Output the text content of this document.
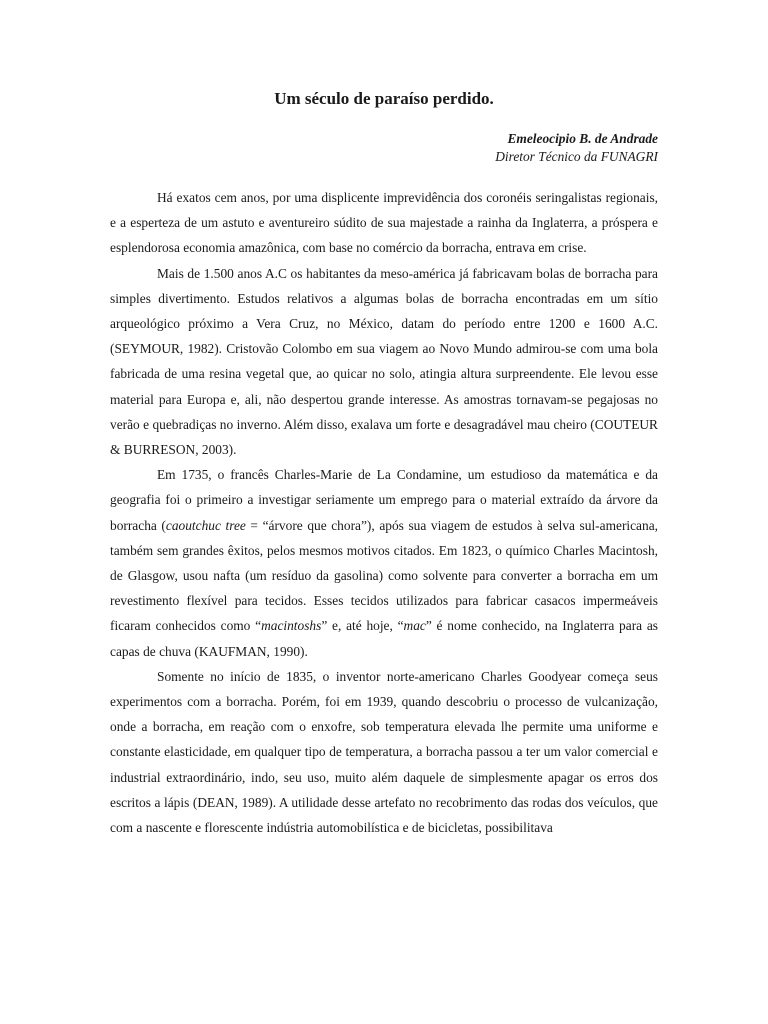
Um século de paraíso perdido.
Emeleocipio B. de Andrade
Diretor Técnico da FUNAGRI

Há exatos cem anos, por uma displicente imprevidência dos coronéis seringalistas regionais, e a esperteza de um astuto e aventureiro súdito de sua majestade a rainha da Inglaterra, a próspera e esplendorosa economia amazônica, com base no comércio da borracha, entrava em crise.

Mais de 1.500 anos A.C os habitantes da meso-américa já fabricavam bolas de borracha para simples divertimento. Estudos relativos a algumas bolas de borracha encontradas em um sítio arqueológico próximo a Vera Cruz, no México, datam do período entre 1200 e 1600 A.C. (SEYMOUR, 1982). Cristovão Colombo em sua viagem ao Novo Mundo admirou-se com uma bola fabricada de uma resina vegetal que, ao quicar no solo, atingia altura surpreendente. Ele levou esse material para Europa e, ali, não despertou grande interesse. As amostras tornavam-se pegajosas no verão e quebradiças no inverno. Além disso, exalava um forte e desagradável mau cheiro (COUTEUR & BURRESON, 2003).

Em 1735, o francês Charles-Marie de La Condamine, um estudioso da matemática e da geografia foi o primeiro a investigar seriamente um emprego para o material extraído da árvore da borracha (caoutchuc tree = “árvore que chora”), após sua viagem de estudos à selva sul-americana, também sem grandes êxitos, pelos mesmos motivos citados. Em 1823, o químico Charles Macintosh, de Glasgow, usou nafta (um resíduo da gasolina) como solvente para converter a borracha em um revestimento flexível para tecidos. Esses tecidos utilizados para fabricar casacos impermeáveis ficaram conhecidos como “macintoshs” e, até hoje, “mac” é nome conhecido, na Inglaterra para as capas de chuva (KAUFMAN, 1990).

Somente no início de 1835, o inventor norte-americano Charles Goodyear começa seus experimentos com a borracha. Porém, foi em 1939, quando descobriu o processo de vulcanização, onde a borracha, em reação com o enxofre, sob temperatura elevada lhe permite uma uniforme e constante elasticidade, em qualquer tipo de temperatura, a borracha passou a ter um valor comercial e industrial extraordinário, indo, seu uso, muito além daquele de simplesmente apagar os erros dos escritos a lápis (DEAN, 1989). A utilidade desse artefato no recobrimento das rodas dos veículos, que com a nascente e florescente indústria automobilística e de bicicletas, possibilitava
